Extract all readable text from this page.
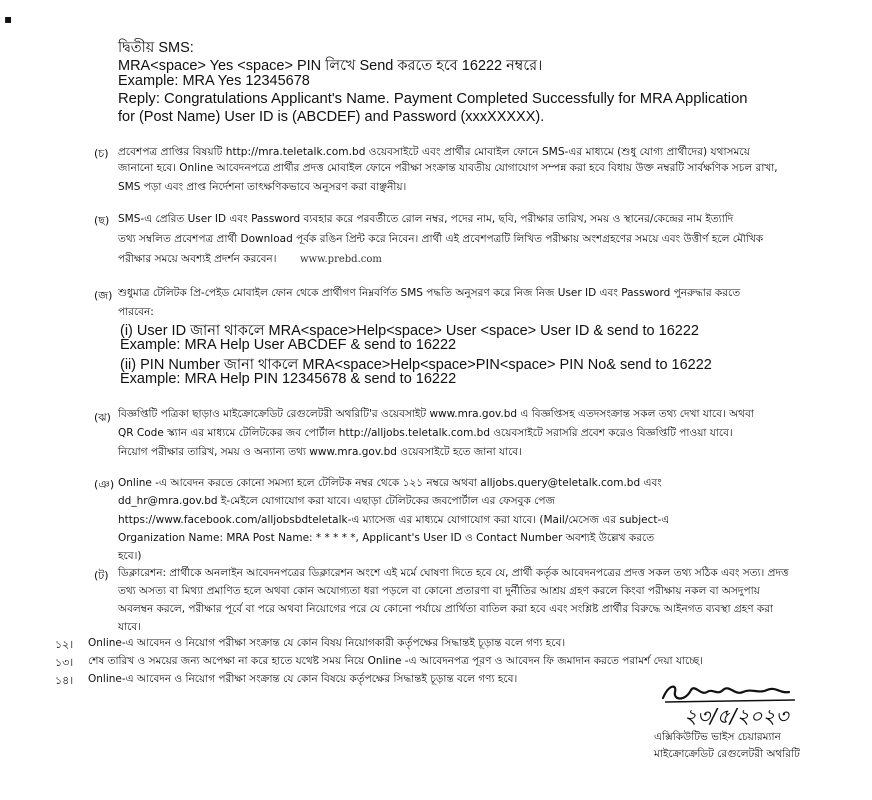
▪
দ্বিতীয় SMS:
MRA<space> Yes <space> PIN লিখে Send করতে হবে 16222 নম্বরে।
Example: MRA Yes 12345678
Reply: Congratulations Applicant's Name. Payment Completed Successfully for MRA Application
for (Post Name) User ID is (ABCDEF) and Password (xxxXXXXX).
(চ) প্রবেশপত্র প্রাপ্তির বিষয়টি http://mra.teletalk.com.bd ওয়েবসাইটে এবং প্রার্থীর মোবাইল ফোনে SMS-এর মাধ্যমে (শুধু যোগ্য প্রার্থীদের) যথাসময়ে
জানানো হবে। Online আবেদনপত্রে প্রার্থীর প্রদত্ত মোবাইল ফোনে পরীক্ষা সংক্রান্ত যাবতীয় যোগাযোগ সম্পন্ন করা হবে বিধায় উক্ত নম্বরটি সার্বক্ষণিক সচল রাখা,
SMS পড়া এবং প্রাপ্ত নির্দেশনা তাৎক্ষণিকভাবে অনুসরণ করা বাঞ্ছনীয়।
(ছ) SMS-এ প্রেরিত User ID এবং Password ব্যবহার করে পরবর্তীতে রোল নম্বর, পদের নাম, ছবি, পরীক্ষার তারিখ, সময় ও স্থানের/কেন্দ্রের নাম ইত্যাদি
তথ্য সম্বলিত প্রবেশপত্র প্রার্থী Download পূর্বক রঙিন প্রিন্ট করে নিবেন। প্রার্থী এই প্রবেশপত্রটি লিখিত পরীক্ষায় অংশগ্রহণের সময়ে এবং উত্তীর্ণ হলে মৌখিক
পরীক্ষার সময়ে অবশ্যই প্রদর্শন করবেন। www.prebd.com
(জ) শুধুমাত্র টেলিটক প্রি-পেইড মোবাইল ফোন থেকে প্রার্থীগণ নিম্নবর্ণিত SMS পদ্ধতি অনুসরণ করে নিজ নিজ User ID এবং Password পুনরুদ্ধার করতে
পারবেন:
(i) User ID জানা থাকলে MRA<space>Help<space> User <space> User ID & send to 16222
Example: MRA Help User ABCDEF & send to 16222
(ii) PIN Number জানা থাকলে MRA<space>Help<space>PIN<space> PIN No& send to 16222
Example: MRA Help PIN 12345678 & send to 16222
(ঝ) বিজ্ঞপ্তিটি পত্রিকা ছাড়াও মাইক্রোক্রেডিট রেগুলেটরী অথরিটি'র ওয়েবসাইট www.mra.gov.bd এ বিজ্ঞপ্তিসহ এতদসংক্রান্ত সকল তথ্য দেখা যাবে। অথবা
QR Code স্ক্যান এর মাধ্যমে টেলিটকের জব পোর্টাল http://alljobs.teletalk.com.bd ওয়েবসাইটে সরাসরি প্রবেশ করেও বিজ্ঞপ্তিটি পাওয়া যাবে।
নিয়োগ পরীক্ষার তারিখ, সময় ও অন্যান্য তথ্য www.mra.gov.bd ওয়েবসাইটে হতে জানা যাবে।
(ঞ) Online -এ আবেদন করতে কোনো সমস্যা হলে টেলিটক নম্বর থেকে ১২১ নম্বরে অথবা alljobs.query@teletalk.com.bd এবং
dd_hr@mra.gov.bd ই-মেইলে যোগাযোগ করা যাবে। এছাড়া টেলিটকের জবপোর্টাল এর ফেসবুক পেজ
https://www.facebook.com/alljobsbdteletalk-এ ম্যাসেজ এর মাধ্যমে যোগাযোগ করা যাবে। (Mail/মেসেজ এর subject-এ
Organization Name: MRA Post Name: * * * * *, Applicant's User ID ও Contact Number অবশ্যই উল্লেখ করতে
হবে।)
(ট) ডিক্লারেশন: প্রার্থীকে অনলাইন আবেদনপত্রের ডিক্লারেশন অংশে এই মর্মে ঘোষণা দিতে হবে যে, প্রার্থী কর্তৃক আবেদনপত্রের প্রদত্ত সকল তথ্য সঠিক এবং সত্য। প্রদত্ত
তথ্য অসত্য বা মিথ্যা প্রমাণিত হলে অথবা কোন অযোগ্যতা ধরা পড়লে বা কোনো প্রতারণা বা দুর্নীতির আশ্রয় গ্রহণ করলে কিংবা পরীক্ষায় নকল বা অসদুপায়
অবলম্বন করলে, পরীক্ষার পূর্বে বা পরে অথবা নিয়োগের পরে যে কোনো পর্যায়ে প্রার্থিতা বাতিল করা হবে এবং সংশ্লিষ্ট প্রার্থীর বিরুদ্ধে আইনগত ব্যবস্থা গ্রহণ করা
যাবে।
১২। Online-এ আবেদন ও নিয়োগ পরীক্ষা সংক্রান্ত যে কোন বিষয় নিয়োগকারী কর্তৃপক্ষের সিদ্ধান্তই চূড়ান্ত বলে গণ্য হবে।
১৩। শেষ তারিখ ও সময়ের জন্য অপেক্ষা না করে হাতে যথেষ্ট সময় নিয়ে Online -এ আবেদনপত্র পূরণ ও আবেদন ফি জমাদান করতে পরামর্শ দেয়া যাচ্ছে।
১৪। Online-এ আবেদন ও নিয়োগ পরীক্ষা সংক্রান্ত যে কোন বিষয়ে কর্তৃপক্ষের সিদ্ধান্তই চূড়ান্ত বলে গণ্য হবে।
২৩/৫/২০২৩
এক্সিকিউটিভ ভাইস চেয়ারম্যান
মাইক্রোক্রেডিট রেগুলেটরী অথরিটি
